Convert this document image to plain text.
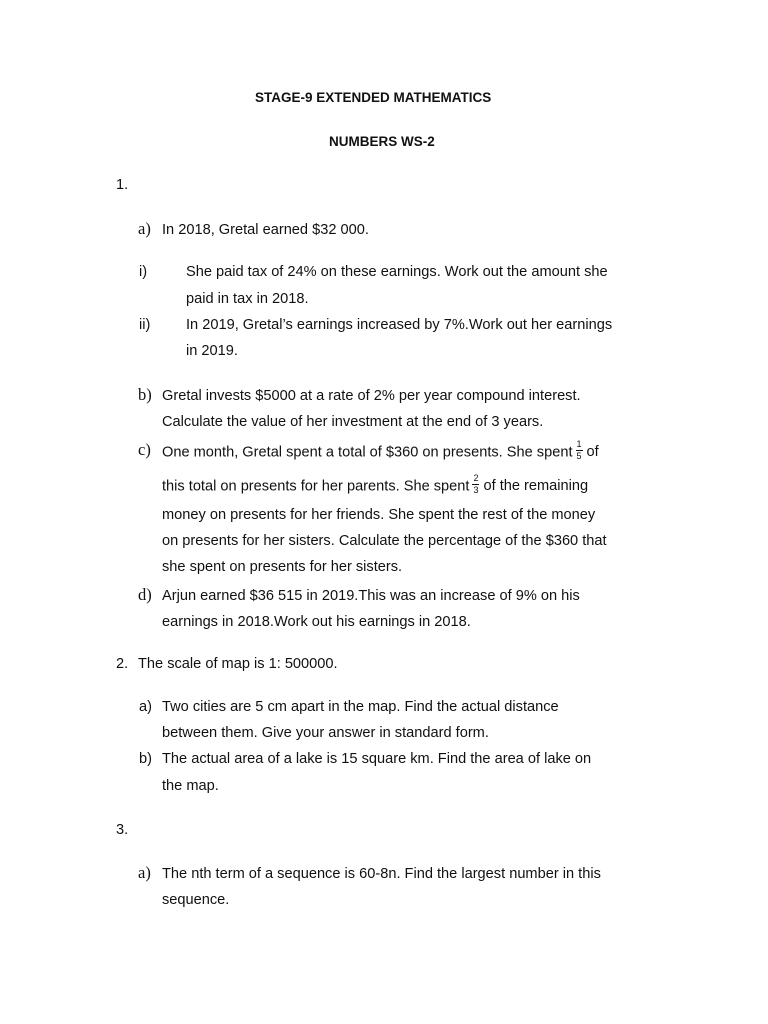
STAGE-9 EXTENDED MATHEMATICS
NUMBERS WS-2
1.
a) In 2018, Gretal earned $32 000.
i)	She paid tax of 24% on these earnings. Work out the amount she
paid in tax in 2018.
ii) In 2019, Gretal’s earnings increased by 7%.Work out her earnings
in 2019.
b) Gretal invests $5000 at a rate of 2% per year compound interest.
Calculate the value of her investment at the end of 3 years.
c) One month, Gretal spent a total of $360 on presents. She spent $\frac{1}{5}$ of
this total on presents for her parents. She spent $\frac{2}{3}$ of the remaining
money on presents for her friends. She spent the rest of the money
on presents for her sisters. Calculate the percentage of the $360 that
she spent on presents for her sisters.
d) Arjun earned $36 515 in 2019.This was an increase of 9% on his
earnings in 2018.Work out his earnings in 2018.
2. The scale of map is 1: 500000.
a) Two cities are 5 cm apart in the map. Find the actual distance
between them. Give your answer in standard form.
b) The actual area of a lake is 15 square km. Find the area of lake on
the map.
3.
a) The nth term of a sequence is 60-8n. Find the largest number in this
sequence.
